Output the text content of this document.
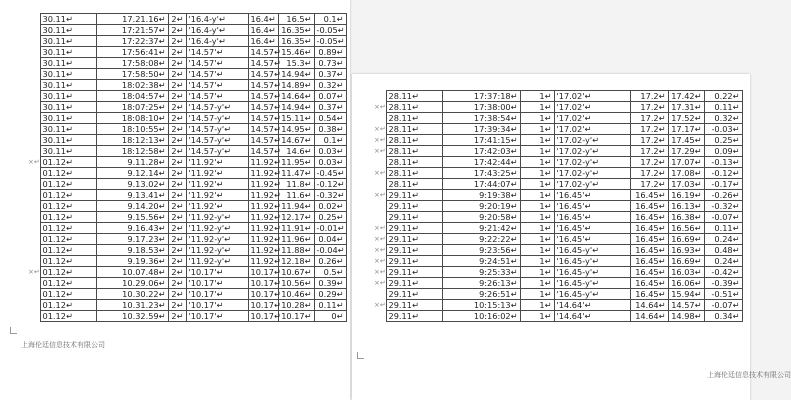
	30.11↵	17.21.16↵	2↵	'16.4-y'↵	16.4↵	16.5↵	0.1↵
	30.11↵	17:21:57↵	2↵	'16.4-y'↵	16.4↵	16.35↵	-0.05↵
	30.11↵	17:22:37↵	2↵	'16.4-y'↵	16.4↵	16.35↵	-0.05↵
	30.11↵	17:56:41↵	2↵	'14.57'↵	14.57↵	15.46↵	0.89↵
	30.11↵	17:58:08↵	2↵	'14.57'↵	14.57↵	15.3↵	0.73↵
	30.11↵	17:58:50↵	2↵	'14.57'↵	14.57↵	14.94↵	0.37↵
	30.11↵	18:02:38↵	2↵	'14.57'↵	14.57↵	14.89↵	0.32↵
	30.11↵	18:04:57↵	2↵	'14.57'↵	14.57↵	14.64↵	0.07↵
	30.11↵	18:07:25↵	2↵	'14.57-y'↵	14.57↵	14.94↵	0.37↵
	30.11↵	18:08:10↵	2↵	'14.57-y'↵	14.57↵	15.11↵	0.54↵
	30.11↵	18:10:55↵	2↵	'14.57-y'↵	14.57↵	14.95↵	0.38↵
	30.11↵	18:12:13↵	2↵	'14.57-y'↵	14.57↵	14.67↵	0.1↵
	30.11↵	18:12:58↵	2↵	'14.57-y'↵	14.57↵	14.6↵	0.03↵
×↵	01.12↵	9.11.28↵	2↵	'11.92'↵	11.92↵	11.95↵	0.03↵
	01.12↵	9.12.14↵	2↵	'11.92'↵	11.92↵	11.47↵	-0.45↵
	01.12↵	9.13.02↵	2↵	'11.92'↵	11.92↵	11.8↵	-0.12↵
	01.12↵	9.13.41↵	2↵	'11.92'↵	11.92↵	11.6↵	-0.32↵
	01.12↵	9.14.20↵	2↵	'11.92'↵	11.92↵	11.94↵	0.02↵
	01.12↵	9.15.56↵	2↵	'11.92-y'↵	11.92↵	12.17↵	0.25↵
	01.12↵	9.16.43↵	2↵	'11.92-y'↵	11.92↵	11.91↵	-0.01↵
	01.12↵	9.17.23↵	2↵	'11.92-y'↵	11.92↵	11.96↵	0.04↵
	01.12↵	9.18.53↵	2↵	'11.92-y'↵	11.92↵	11.88↵	-0.04↵
	01.12↵	9.19.36↵	2↵	'11.92-y'↵	11.92↵	12.18↵	0.26↵
×↵	01.12↵	10.07.48↵	2↵	'10.17'↵	10.17↵	10.67↵	0.5↵
	01.12↵	10.29.06↵	2↵	'10.17'↵	10.17↵	10.56↵	0.39↵
	01.12↵	10.30.22↵	2↵	'10.17'↵	10.17↵	10.46↵	0.29↵
	01.12↵	10.31.23↵	2↵	'10.17'↵	10.17↵	10.28↵	0.11↵
	01.12↵	10.32.59↵	2↵	'10.17'↵	10.17↵	10.17↵	0↵
上海伦廷信息技术有限公司
	28.11↵	17:37:18↵	1↵	'17.02'↵	17.2↵	17.42↵	0.22↵
×↵	28.11↵	17:38:00↵	1↵	'17.02'↵	17.2↵	17.31↵	0.11↵
	28.11↵	17:38:54↵	1↵	'17.02'↵	17.2↵	17.52↵	0.32↵
×↵	28.11↵	17:39:34↵	1↵	'17.02'↵	17.2↵	17.17↵	-0.03↵
×↵	28.11↵	17:41:15↵	1↵	'17.02-y'↵	17.2↵	17.45↵	0.25↵
×↵	28.11↵	17:42:03↵	1↵	'17.02-y'↵	17.2↵	17.29↵	0.09↵
	28.11↵	17:42:44↵	1↵	'17.02-y'↵	17.2↵	17.07↵	-0.13↵
×↵	28.11↵	17:43:25↵	1↵	'17.02-y'↵	17.2↵	17.08↵	-0.12↵
	28.11↵	17:44:07↵	1↵	'17.02-y'↵	17.2↵	17.03↵	-0.17↵
×↵	29.11↵	9:19:38↵	1↵	'16.45'↵	16.45↵	16.19↵	-0.26↵
	29.11↵	9:20:19↵	1↵	'16.45'↵	16.45↵	16.13↵	-0.32↵
	29.11↵	9:20:58↵	1↵	'16.45'↵	16.45↵	16.38↵	-0.07↵
×↵	29.11↵	9:21:42↵	1↵	'16.45'↵	16.45↵	16.56↵	0.11↵
×↵	29.11↵	9:22:22↵	1↵	'16.45'↵	16.45↵	16.69↵	0.24↵
×↵	29.11↵	9:23:56↵	1↵	'16.45-y'↵	16.45↵	16.93↵	0.48↵
×↵	29.11↵	9:24:51↵	1↵	'16.45-y'↵	16.45↵	16.69↵	0.24↵
×↵	29.11↵	9:25:33↵	1↵	'16.45-y'↵	16.45↵	16.03↵	-0.42↵
×↵	29.11↵	9:26:13↵	1↵	'16.45-y'↵	16.45↵	16.06↵	-0.39↵
	29.11↵	9:26:51↵	1↵	'16.45-y'↵	16.45↵	15.94↵	-0.51↵
×↵	29.11↵	10:15:13↵	1↵	'14.64'↵	14.64↵	14.57↵	-0.07↵
	29.11↵	10:16:02↵	1↵	'14.64'↵	14.64↵	14.98↵	0.34↵
上海伦廷信息技术有限公司
